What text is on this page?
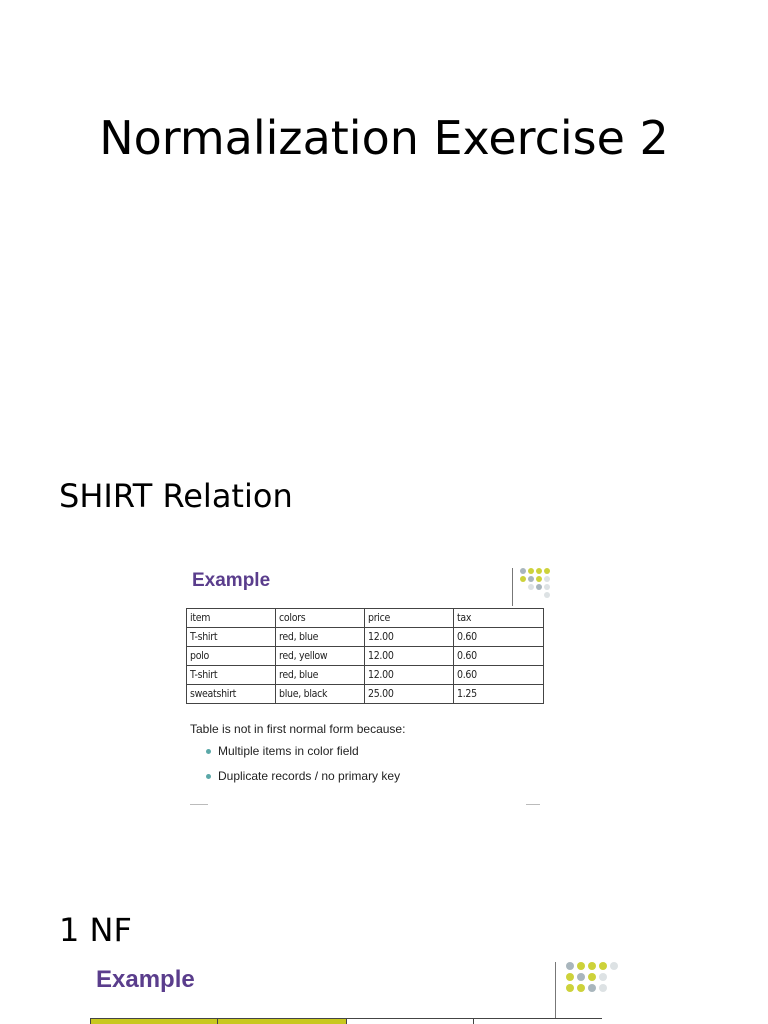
Normalization Exercise 2
SHIRT Relation
Example
item	colors	price	tax
T-shirt	red, blue	12.00	0.60
polo	red, yellow	12.00	0.60
T-shirt	red, blue	12.00	0.60
sweatshirt	blue, black	25.00	1.25
Table is not in first normal form because:
Multiple items in color field
Duplicate records / no primary key
1 NF
Example
